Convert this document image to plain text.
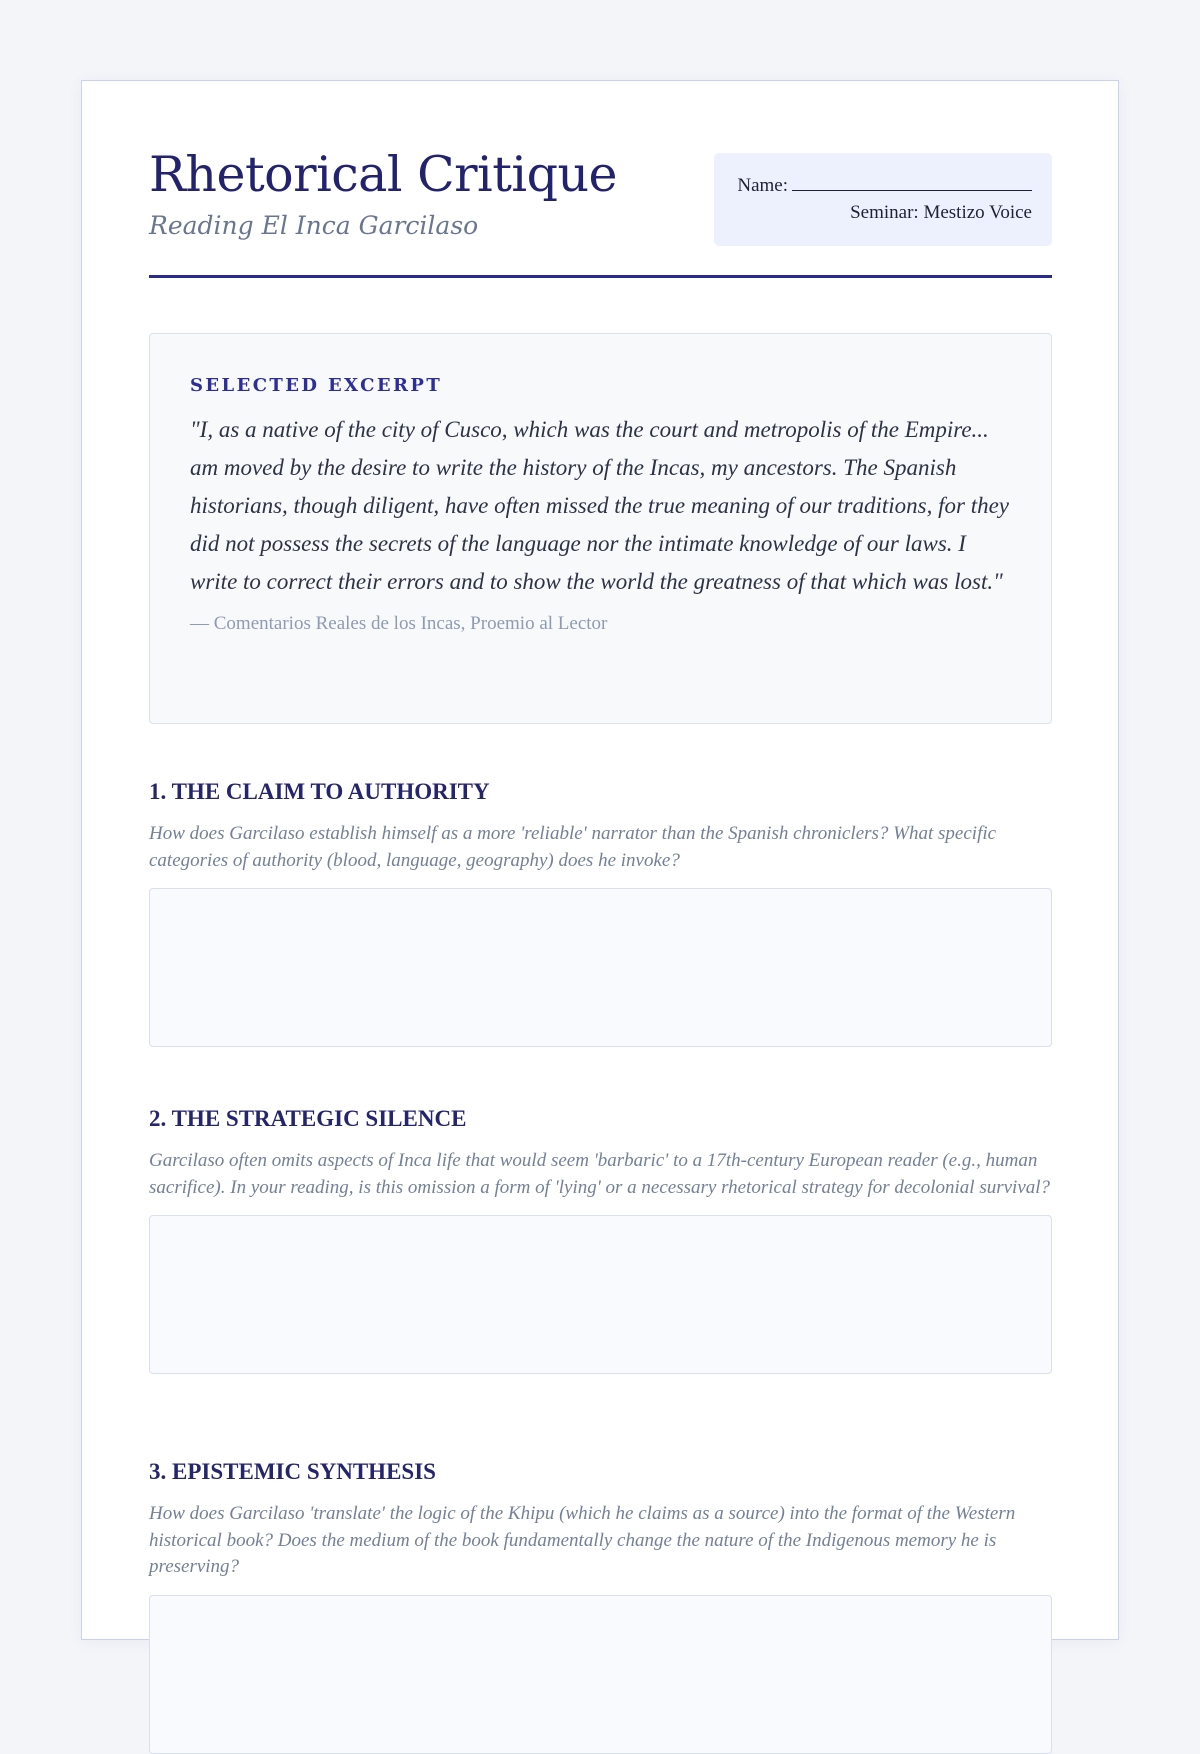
Rhetorical Critique
Reading El Inca Garcilaso
Name:
Seminar: Mestizo Voice
SELECTED EXCERPT
"I, as a native of the city of Cusco, which was the court and metropolis of the Empire... am moved by the desire to write the history of the Incas, my ancestors. The Spanish historians, though diligent, have often missed the true meaning of our traditions, for they did not possess the secrets of the language nor the intimate knowledge of our laws. I write to correct their errors and to show the world the greatness of that which was lost."
— Comentarios Reales de los Incas, Proemio al Lector
1. THE CLAIM TO AUTHORITY
How does Garcilaso establish himself as a more 'reliable' narrator than the Spanish chroniclers? What specific categories of authority (blood, language, geography) does he invoke?
2. THE STRATEGIC SILENCE
Garcilaso often omits aspects of Inca life that would seem 'barbaric' to a 17th-century European reader (e.g., human sacrifice). In your reading, is this omission a form of 'lying' or a necessary rhetorical strategy for decolonial survival?
3. EPISTEMIC SYNTHESIS
How does Garcilaso 'translate' the logic of the Khipu (which he claims as a source) into the format of the Western historical book? Does the medium of the book fundamentally change the nature of the Indigenous memory he is preserving?
